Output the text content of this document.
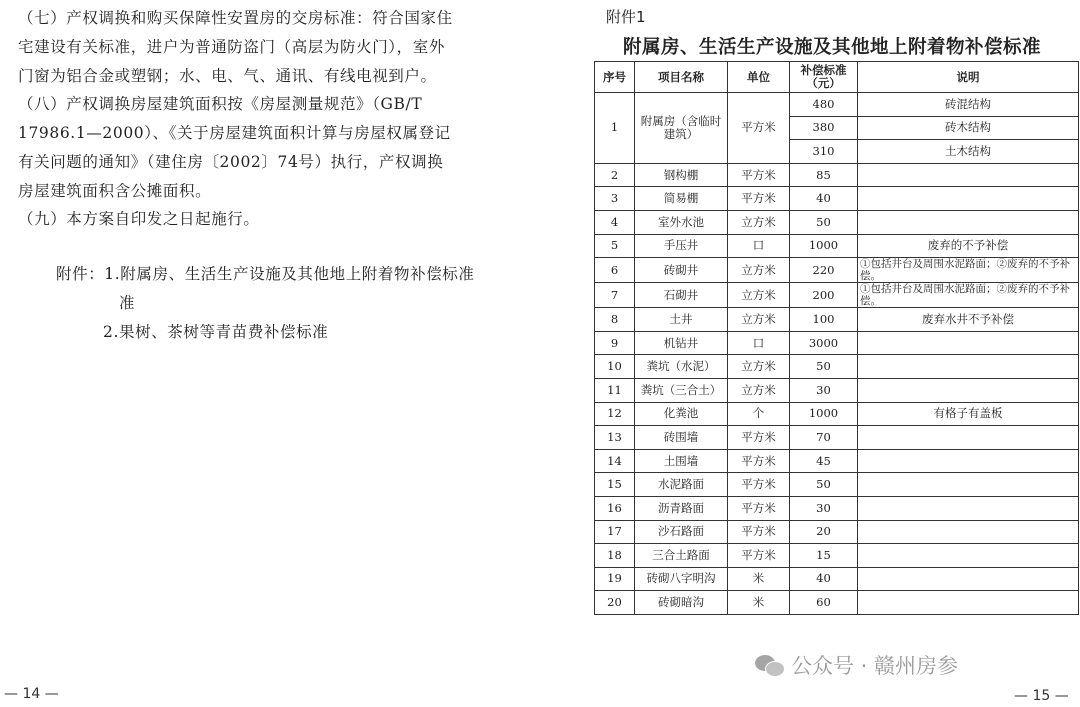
（七）产权调换和购买保障性安置房的交房标准：符合国家住宅建设有关标准，进户为普通防盗门（高层为防火门），室外门窗为铝合金或塑钢；水、电、气、通讯、有线电视到户。

（八）产权调换房屋建筑面积按《房屋测量规范》（GB/T 17986.1—2000）、《关于房屋建筑面积计算与房屋权属登记有关问题的通知》（建住房〔2002〕74号）执行，产权调换房屋建筑面积含公摊面积。

（九）本方案自印发之日起施行。

附件：1.附属房、生活生产设施及其他地上附着物补偿标准
准
2.果树、茶树等青苗费补偿标准
— 14 —
附件1
附属房、生活生产设施及其他地上附着物补偿标准
序号	项目名称	单位	补偿标准（元）	说明
1	附属房（含临时建筑）	平方米	480	砖混结构
			380	砖木结构
			310	土木结构
2	钢构棚	平方米	85	
3	简易棚	平方米	40	
4	室外水池	立方米	50	
5	手压井	口	1000	废弃的不予补偿
6	砖砌井	立方米	220	①包括井台及周围水泥路面；②废弃的不予补偿。
7	石砌井	立方米	200	①包括井台及周围水泥路面；②废弃的不予补偿。
8	土井	立方米	100	废弃水井不予补偿
9	机钻井	口	3000	
10	粪坑（水泥）	立方米	50	
11	粪坑（三合土）	立方米	30	
12	化粪池	个	1000	有格子有盖板
13	砖围墙	平方米	70	
14	土围墙	平方米	45	
15	水泥路面	平方米	50	
16	沥青路面	平方米	30	
17	沙石路面	平方米	20	
18	三合土路面	平方米	15	
19	砖砌八字明沟	米	40	
20	砖砌暗沟	米	60	
公众号 · 赣州房参
— 15 —
